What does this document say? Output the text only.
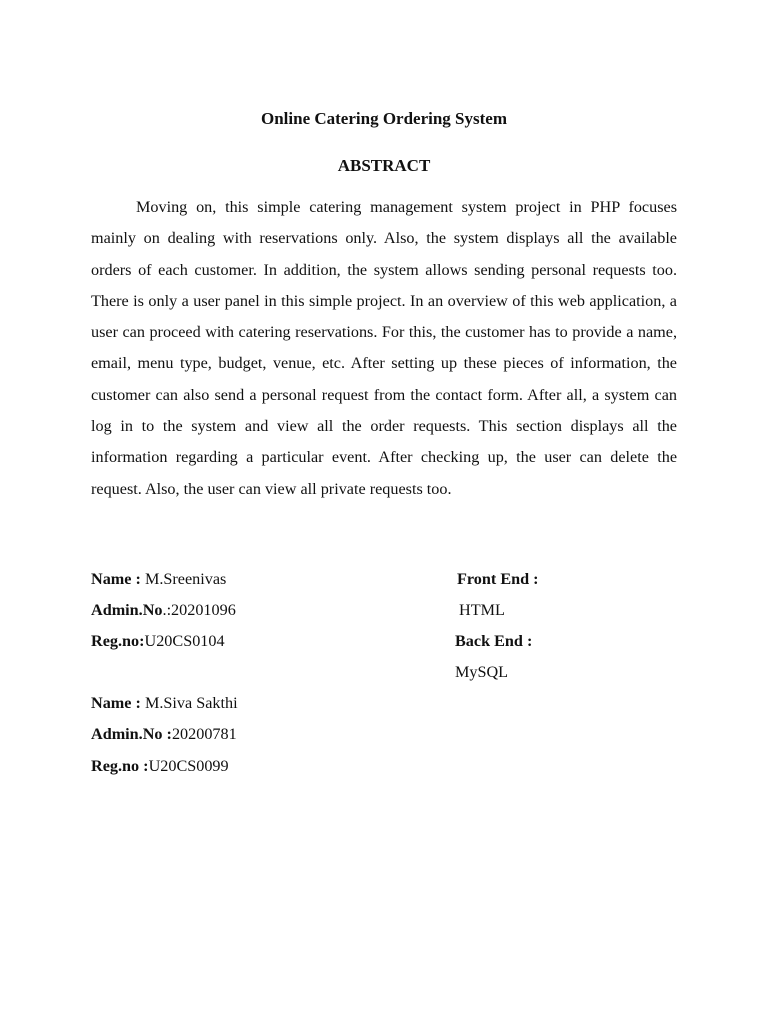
Online Catering Ordering System
ABSTRACT

Moving on, this simple catering management system project in PHP focuses mainly on dealing with reservations only. Also, the system displays all the available orders of each customer. In addition, the system allows sending personal requests too. There is only a user panel in this simple project. In an overview of this web application, a user can proceed with catering reservations. For this, the customer has to provide a name, email, menu type, budget, venue, etc. After setting up these pieces of information, the customer can also send a personal request from the contact form. After all, a system can log in to the system and view all the order requests. This section displays all the information regarding a particular event. After checking up, the user can delete the request. Also, the user can view all private requests too.

Name : M.Sreenivas
Admin.No.:20201096
Reg.no:U20CS0104
Front End :
HTML
Back End :
MySQL
Name : M.Siva Sakthi
Admin.No :20200781
Reg.no :U20CS0099
